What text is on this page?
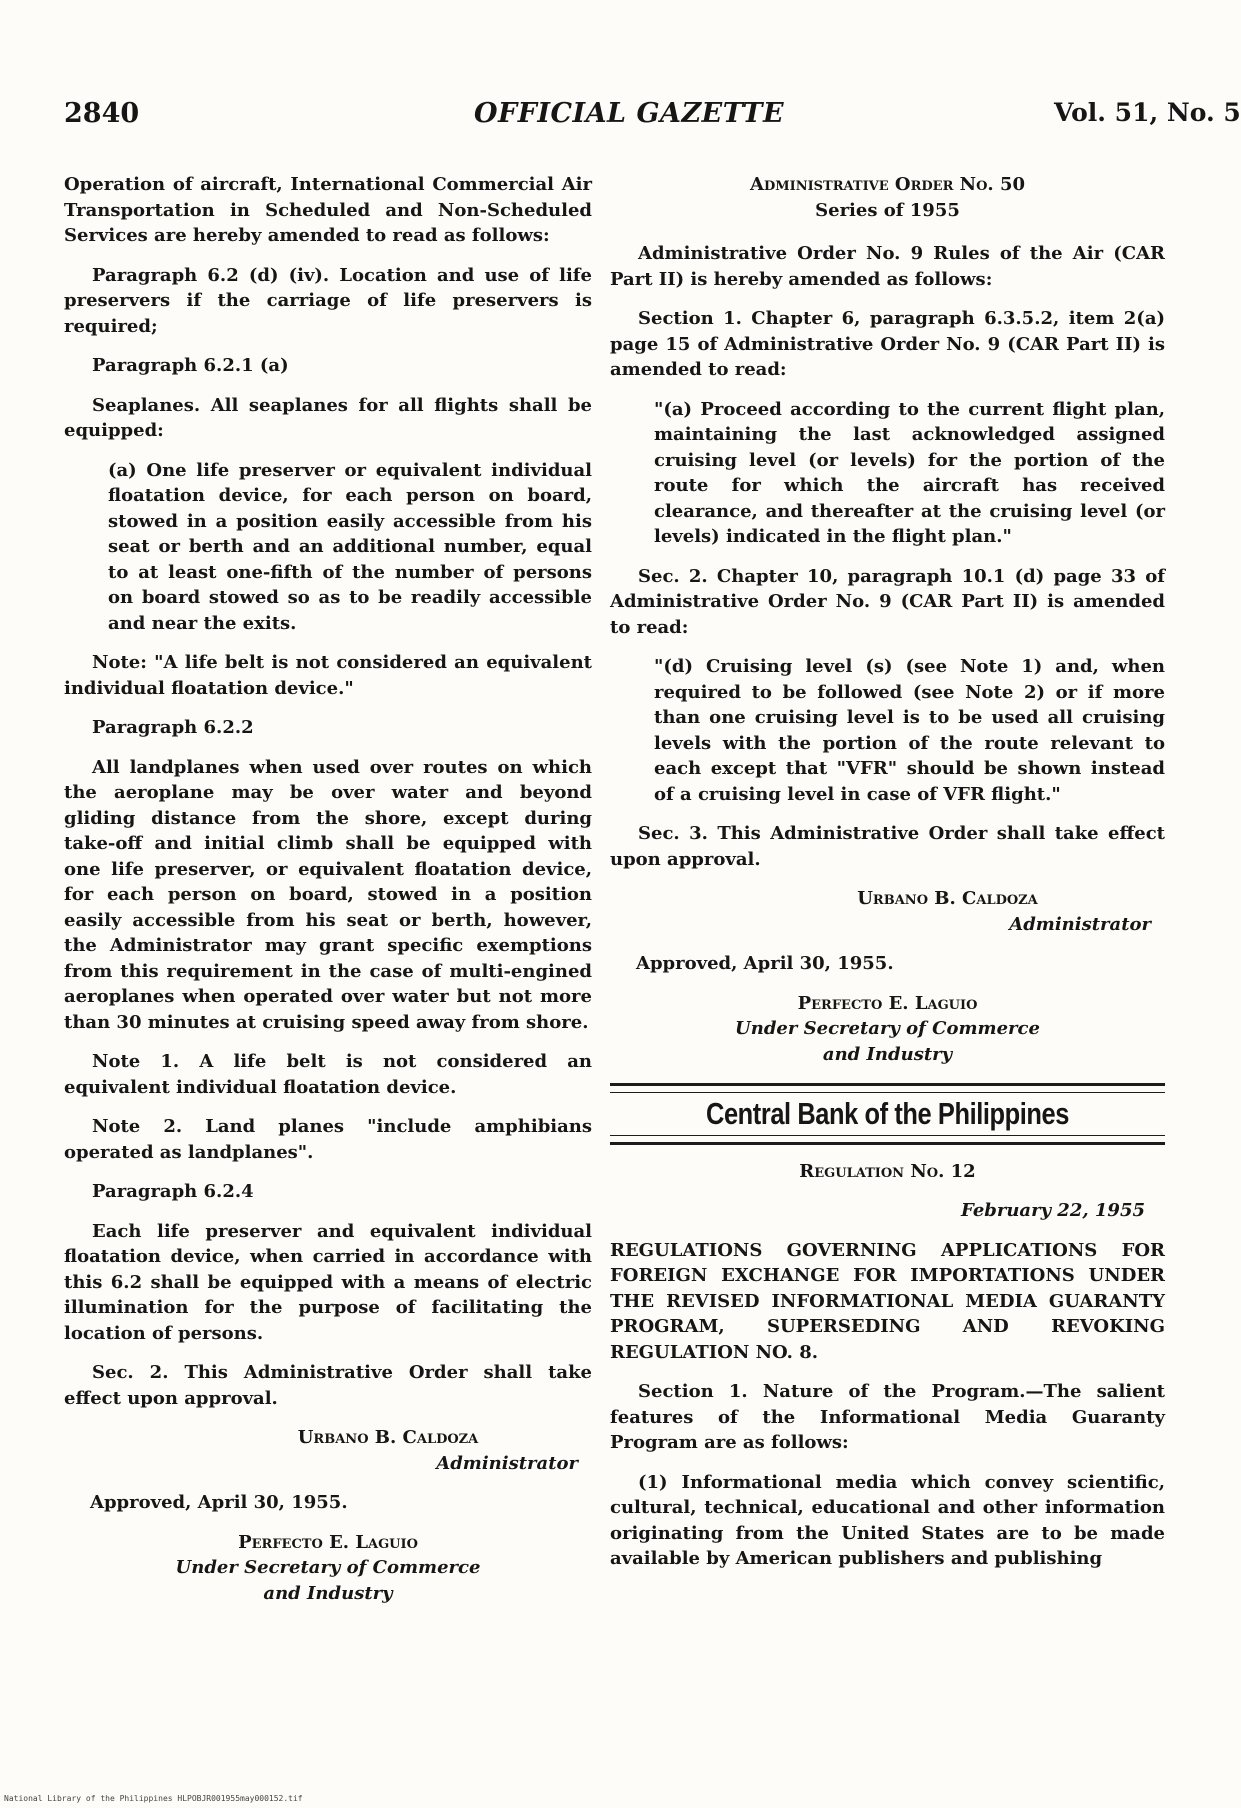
2840	OFFICIAL GAZETTE	Vol. 51, No. 5

Operation of aircraft, International Commercial Air Transportation in Scheduled and Non-Scheduled Services are hereby amended to read as follows:

Paragraph 6.2 (d) (iv). Location and use of life preservers if the carriage of life preservers is required;

Paragraph 6.2.1 (a)

Seaplanes. All seaplanes for all flights shall be equipped:

(a) One life preserver or equivalent individual floatation device, for each person on board, stowed in a position easily accessible from his seat or berth and an additional number, equal to at least one-fifth of the number of persons on board stowed so as to be readily accessible and near the exits.

Note: "A life belt is not considered an equivalent individual floatation device."

Paragraph 6.2.2

All landplanes when used over routes on which the aeroplane may be over water and beyond gliding distance from the shore, except during take-off and initial climb shall be equipped with one life preserver, or equivalent floatation device, for each person on board, stowed in a position easily accessible from his seat or berth, however, the Administrator may grant specific exemptions from this requirement in the case of multi-engined aeroplanes when operated over water but not more than 30 minutes at cruising speed away from shore.

Note 1. A life belt is not considered an equivalent individual floatation device.

Note 2. Land planes "include amphibians operated as landplanes".

Paragraph 6.2.4

Each life preserver and equivalent individual floatation device, when carried in accordance with this 6.2 shall be equipped with a means of electric illumination for the purpose of facilitating the location of persons.

Sec. 2. This Administrative Order shall take effect upon approval.

Urbano B. Caldoza

Administrator

Approved, April 30, 1955.

Perfecto E. Laguio

Under Secretary of Commerce

and Industry

Administrative Order No. 50

Series of 1955

Administrative Order No. 9 Rules of the Air (CAR Part II) is hereby amended as follows:

Section 1. Chapter 6, paragraph 6.3.5.2, item 2(a) page 15 of Administrative Order No. 9 (CAR Part II) is amended to read:

"(a) Proceed according to the current flight plan, maintaining the last acknowledged assigned cruising level (or levels) for the portion of the route for which the aircraft has received clearance, and thereafter at the cruising level (or levels) indicated in the flight plan."

Sec. 2. Chapter 10, paragraph 10.1 (d) page 33 of Administrative Order No. 9 (CAR Part II) is amended to read:

"(d) Cruising level (s) (see Note 1) and, when required to be followed (see Note 2) or if more than one cruising level is to be used all cruising levels with the portion of the route relevant to each except that "VFR" should be shown instead of a cruising level in case of VFR flight."

Sec. 3. This Administrative Order shall take effect upon approval.

Urbano B. Caldoza

Administrator

Approved, April 30, 1955.

Perfecto E. Laguio

Under Secretary of Commerce

and Industry

Central Bank of the Philippines

Regulation No. 12

February 22, 1955

REGULATIONS GOVERNING APPLICATIONS FOR FOREIGN EXCHANGE FOR IMPORTATIONS UNDER THE REVISED INFORMATIONAL MEDIA GUARANTY PROGRAM, SUPERSEDING AND REVOKING REGULATION NO. 8.

Section 1. Nature of the Program.—The salient features of the Informational Media Guaranty Program are as follows:

(1) Informational media which convey scientific, cultural, technical, educational and other information originating from the United States are to be made available by American publishers and publishing

National Library of the Philippines HLPOBJR001955may000152.tif
